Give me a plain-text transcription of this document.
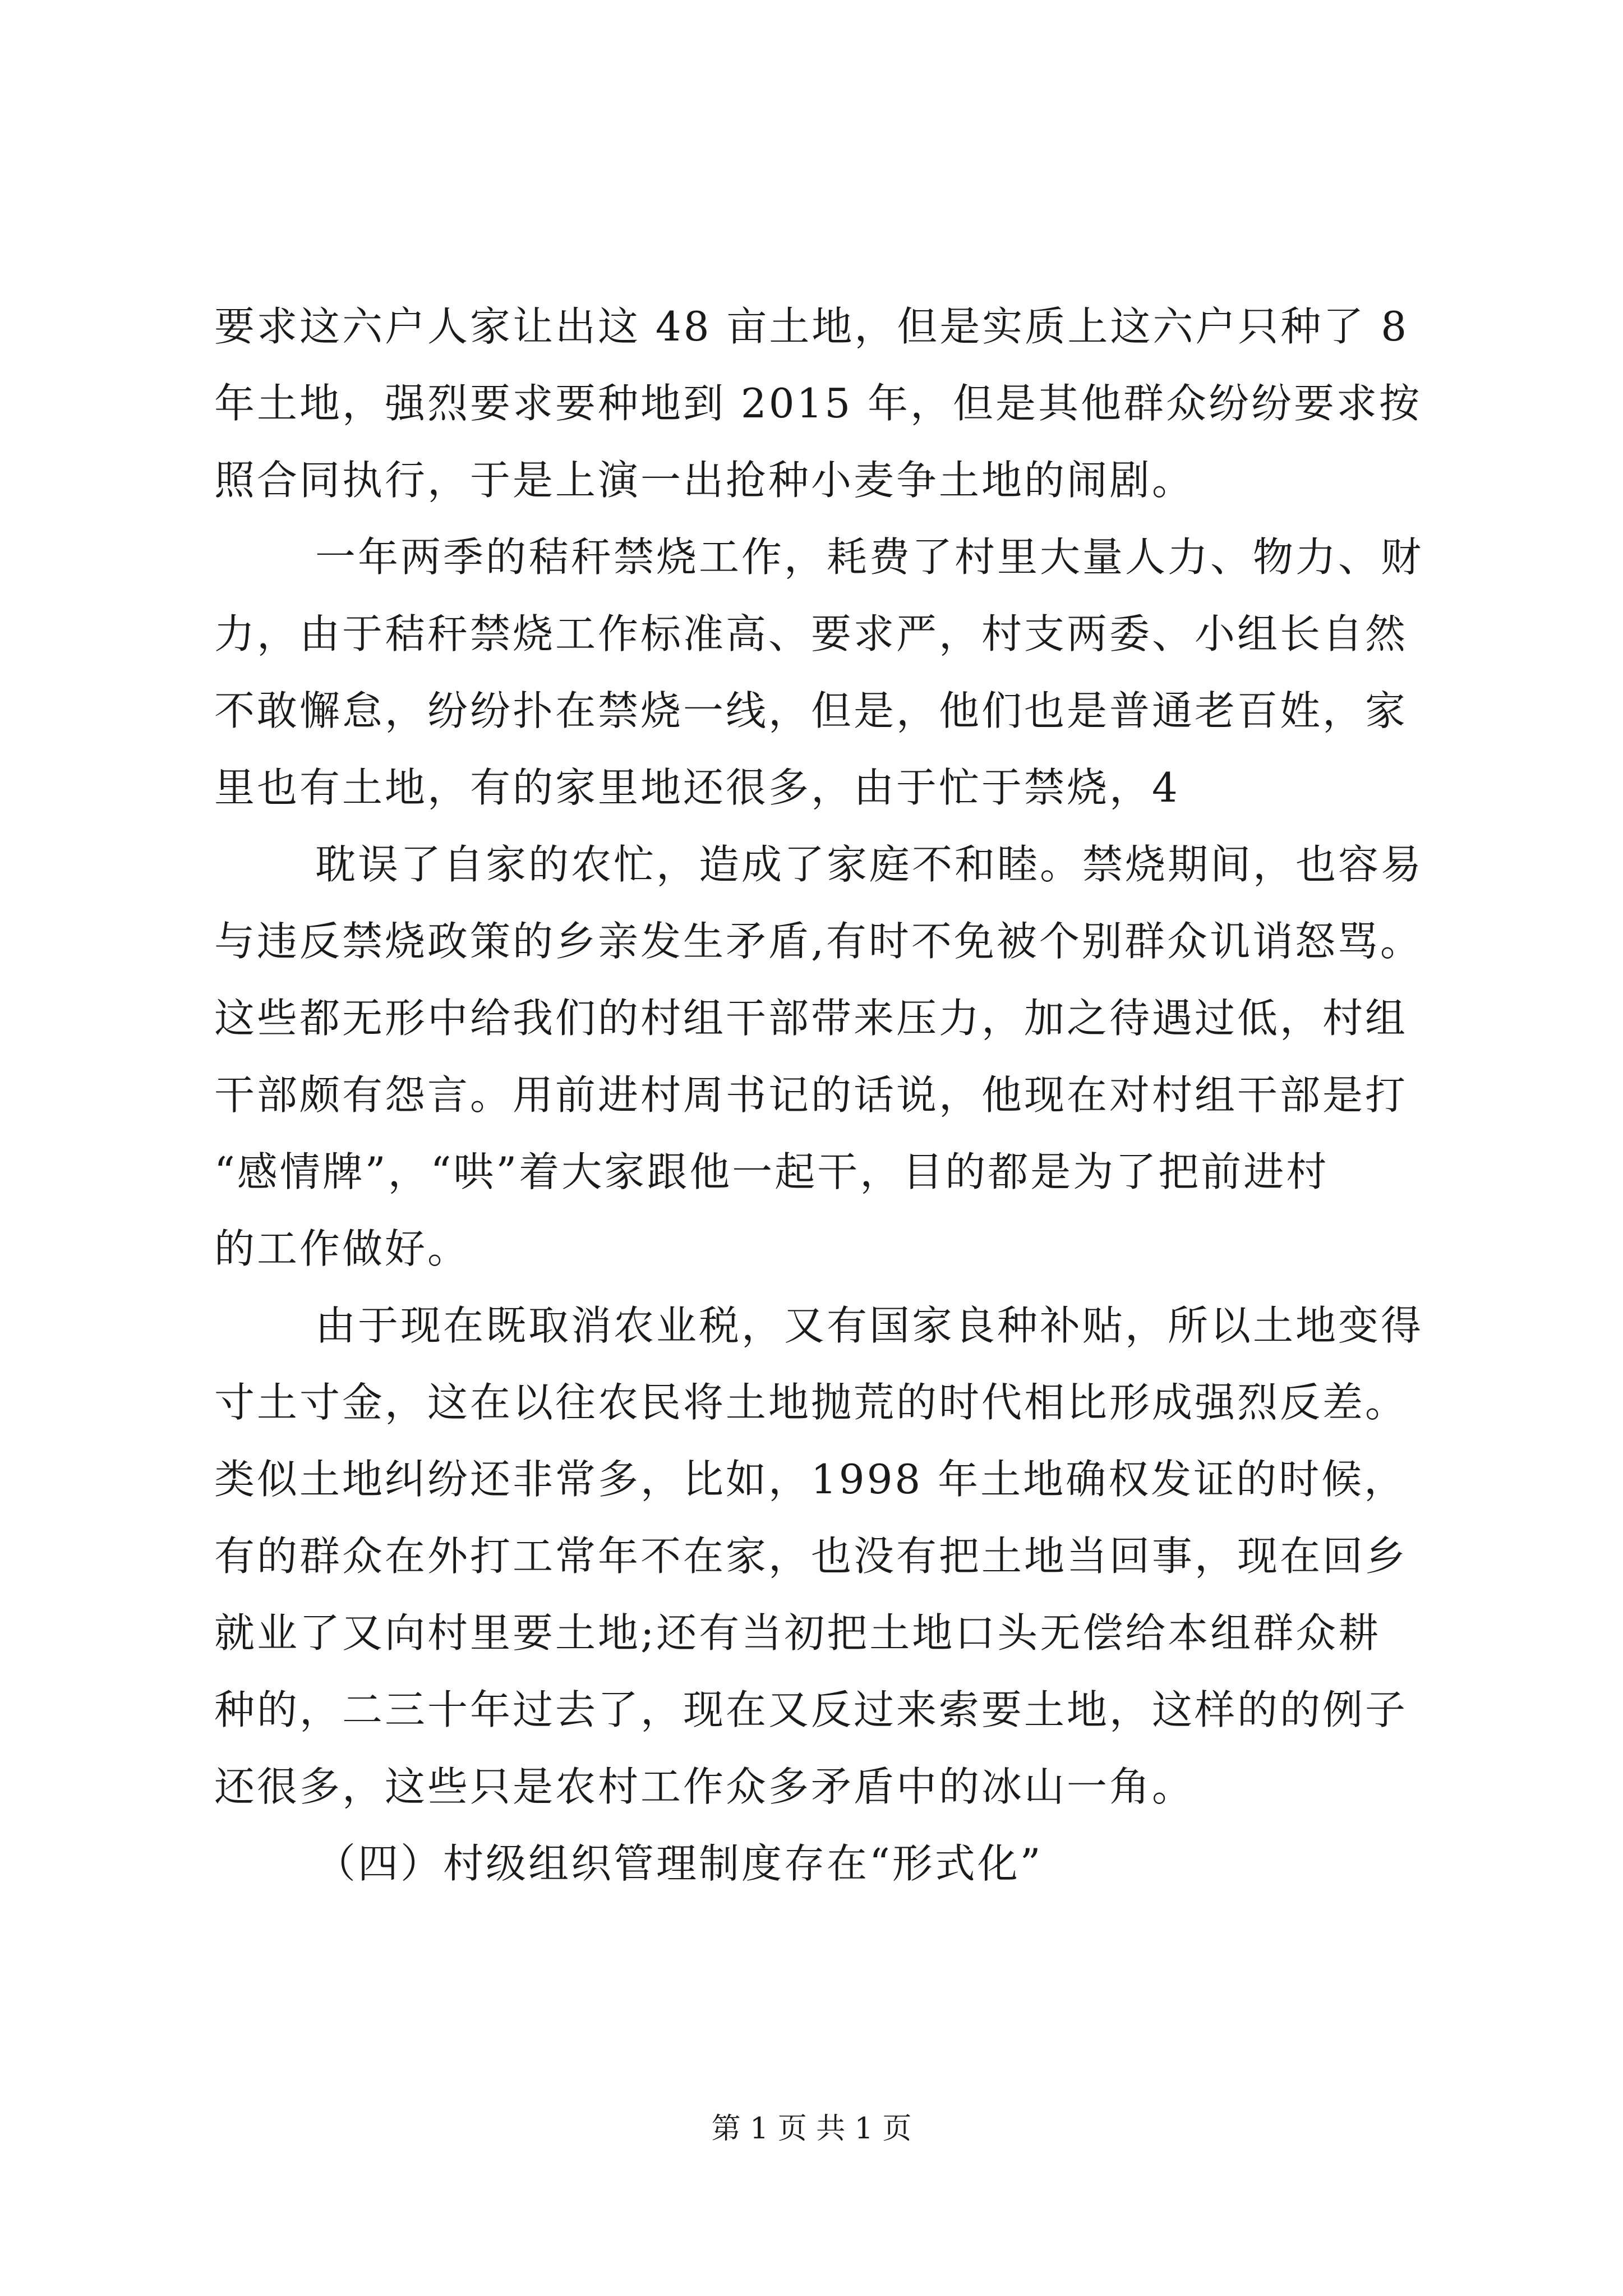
要求这六户人家让出这 48 亩土地，但是实质上这六户只种了 8
年土地，强烈要求要种地到 2015 年，但是其他群众纷纷要求按
照合同执行，于是上演一出抢种小麦争土地的闹剧。
一年两季的秸秆禁烧工作，耗费了村里大量人力、物力、财
力，由于秸秆禁烧工作标准高、要求严，村支两委、小组长自然
不敢懈怠，纷纷扑在禁烧一线，但是，他们也是普通老百姓，家
里也有土地，有的家里地还很多，由于忙于禁烧，4
耽误了自家的农忙，造成了家庭不和睦。禁烧期间，也容易
与违反禁烧政策的乡亲发生矛盾,有时不免被个别群众讥诮怒骂。
这些都无形中给我们的村组干部带来压力，加之待遇过低，村组
干部颇有怨言。用前进村周书记的话说，他现在对村组干部是打
“感情牌”，“哄”着大家跟他一起干，目的都是为了把前进村
的工作做好。
由于现在既取消农业税，又有国家良种补贴，所以土地变得
寸土寸金，这在以往农民将土地抛荒的时代相比形成强烈反差。
类似土地纠纷还非常多，比如，1998 年土地确权发证的时候，
有的群众在外打工常年不在家，也没有把土地当回事，现在回乡
就业了又向村里要土地;还有当初把土地口头无偿给本组群众耕
种的，二三十年过去了，现在又反过来索要土地，这样的的例子
还很多，这些只是农村工作众多矛盾中的冰山一角。
（四）村级组织管理制度存在“形式化”
第 1 页 共 1 页
